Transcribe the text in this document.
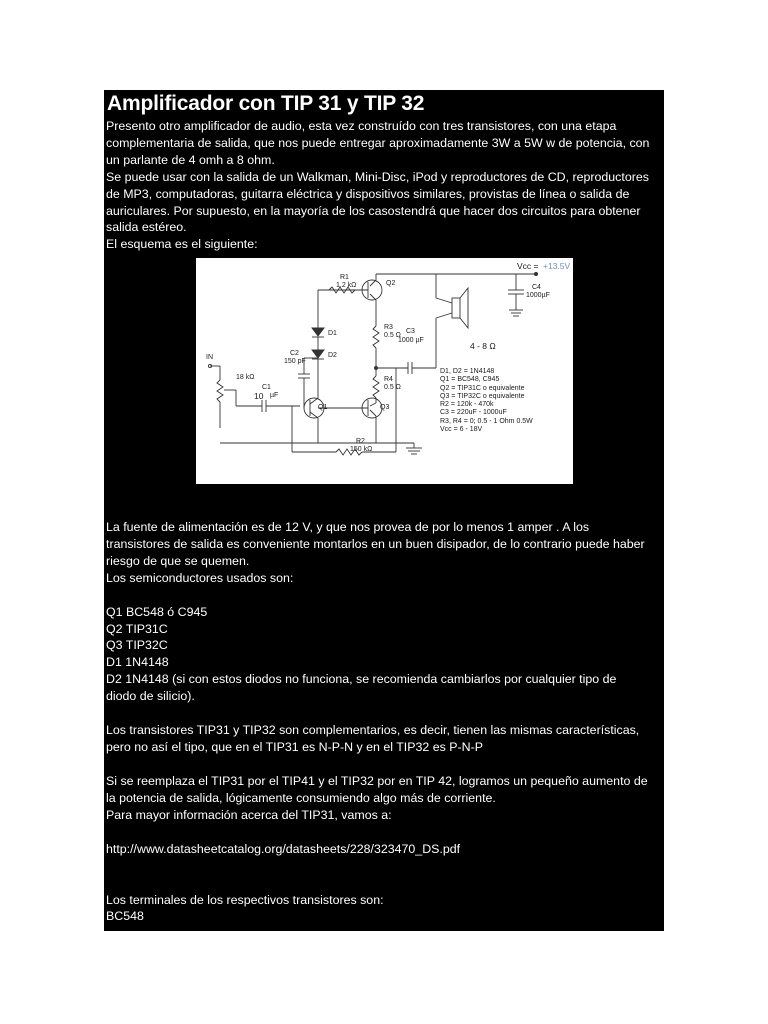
Amplificador con TIP 31 y TIP 32

Presento otro amplificador de audio, esta vez construído con tres transistores, con una etapa

complementaria de salida, que nos puede entregar aproximadamente 3W a 5W w de potencia, con

un parlante de 4 omh a 8 ohm.

Se puede usar con la salida de un Walkman, Mini-Disc, iPod y reproductores de CD, reproductores

de MP3, computadoras, guitarra eléctrica y dispositivos similares, provistas de línea o salida de

auriculares. Por supuesto, en la mayoría de los casostendrá que hacer dos circuitos para obtener

salida estéreo.

El esquema es el siguiente:

Vcc = +13.5V
C4
1000µF
R1
1.2 kΩ	Q2
D1
D2
R3
0.5 Ω
C3
1000 µF
4 - 8 Ω
IN
C2
150 pF
18 kΩ
C1
10 µF
Q1
R4
0.5 Ω
Q3
R2
150 kΩ
D1, D2 = 1N4148
Q1 = BC548, C945
Q2 = TIP31C o equivalente
Q3 = TIP32C o equivalente
R2 = 120k - 470k
C3 = 220uF - 1000uF
R3, R4 = 0; 0.5 - 1 Ohm 0.5W
Vcc = 6 - 18V

La fuente de alimentación es de 12 V, y que nos provea de por lo menos 1 amper . A los

transistores de salida es conveniente montarlos en un buen disipador, de lo contrario puede haber

riesgo de que se quemen.

Los semiconductores usados son:

Q1 BC548 ó C945

Q2 TIP31C

Q3 TIP32C

D1 1N4148

D2 1N4148 (si con estos diodos no funciona, se recomienda cambiarlos por cualquier tipo de

diodo de silicio).

Los transistores TIP31 y TIP32 son complementarios, es decir, tienen las mismas características,

pero no así el tipo, que en el TIP31 es N-P-N y en el TIP32 es P-N-P

Si se reemplaza el TIP31 por el TIP41 y el TIP32 por en TIP 42, logramos un pequeño aumento de

la potencia de salida, lógicamente consumiendo algo más de corriente.

Para mayor información acerca del TIP31, vamos a:

http://www.datasheetcatalog.org/datasheets/228/323470_DS.pdf

Los terminales de los respectivos transistores son:

BC548
